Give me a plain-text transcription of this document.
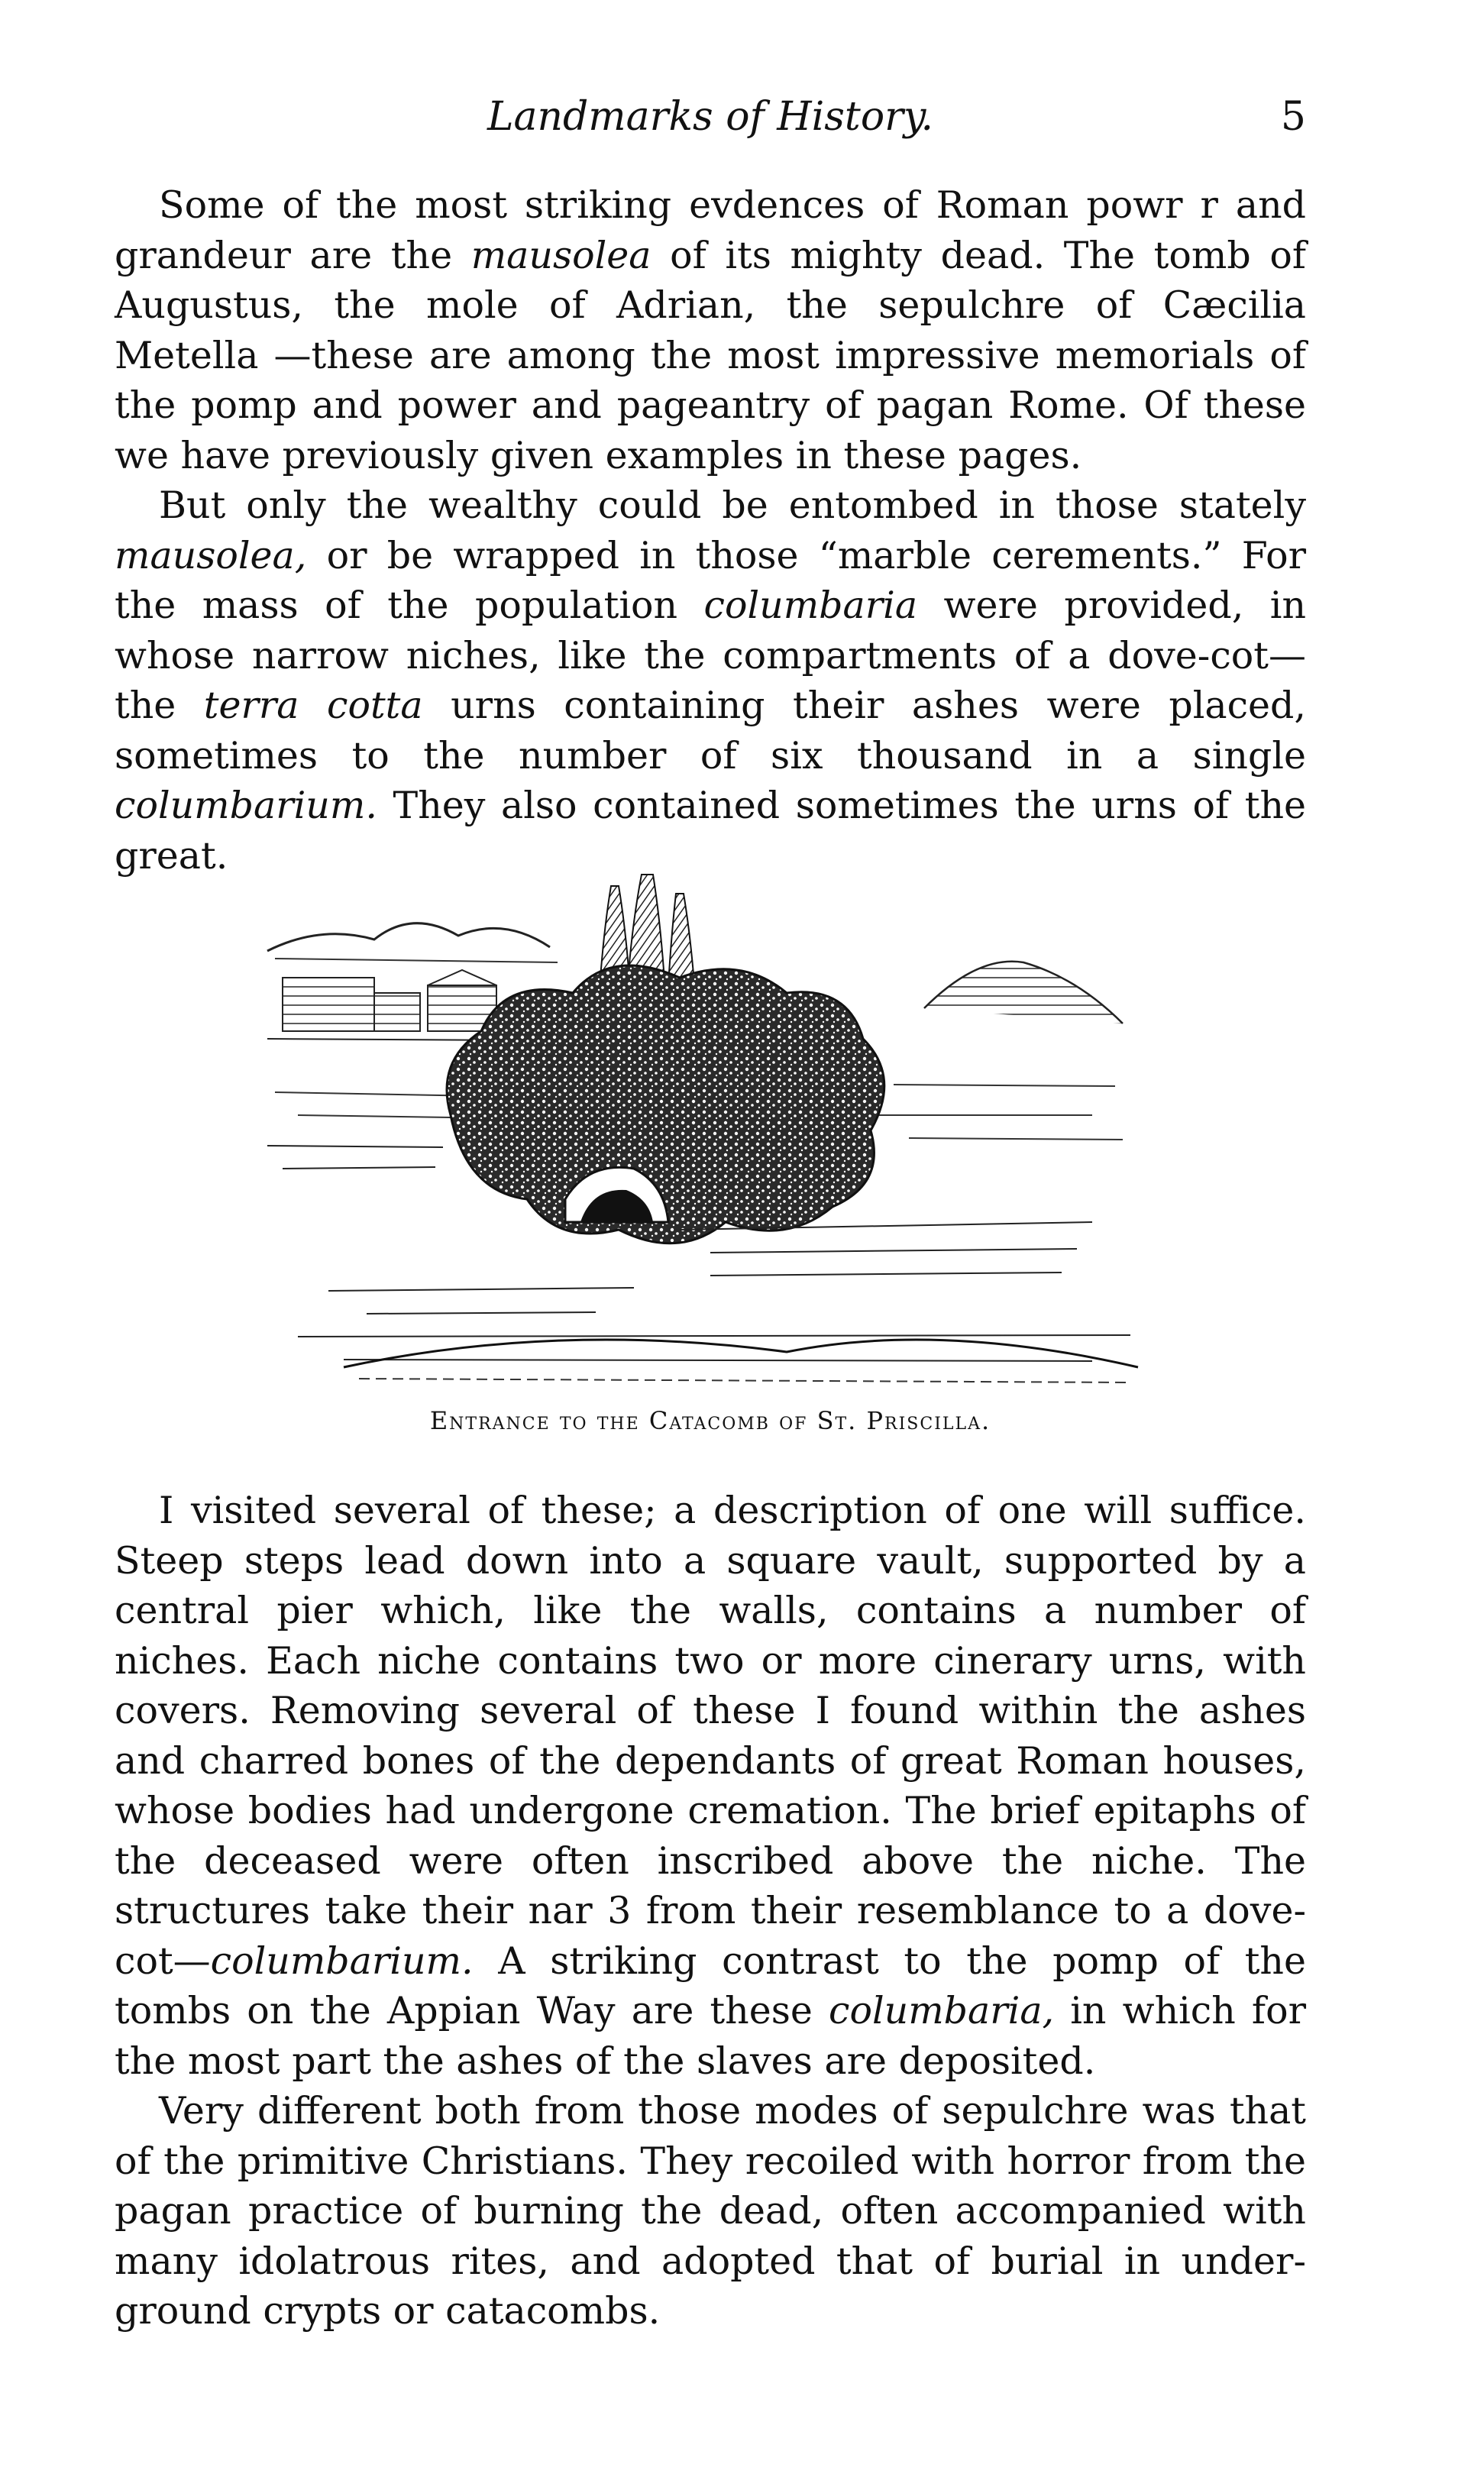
Landmarks of History.	5

Some of the most striking evdences of Roman powr r and grandeur are the mausolea of its mighty dead. The tomb of Augustus, the mole of Adrian, the sepulchre of Cæcilia Metella —these are among the most impressive memorials of the pomp and power and pageantry of pagan Rome. Of these we have previously given examples in these pages.

But only the wealthy could be entombed in those stately mausolea, or be wrapped in those “marble cerements.” For the mass of the population columbaria were provided, in whose narrow niches, like the compartments of a dove-cot—the terra cotta urns containing their ashes were placed, sometimes to the number of six thousand in a single columbarium. They also contained sometimes the urns of the great.

Entrance to the Catacomb of St. Priscilla.

I visited several of these; a description of one will suffice. Steep steps lead down into a square vault, supported by a central pier which, like the walls, contains a number of niches. Each niche contains two or more cinerary urns, with covers. Removing several of these I found within the ashes and charred bones of the dependants of great Roman houses, whose bodies had undergone cremation. The brief epitaphs of the deceased were often inscribed above the niche. The structures take their nar 3 from their resemblance to a dove-cot—columbarium. A striking contrast to the pomp of the tombs on the Appian Way are these columbaria, in which for the most part the ashes of the slaves are deposited.

Very different both from those modes of sepulchre was that of the primitive Christians. They recoiled with horror from the pagan practice of burning the dead, often accompanied with many idolatrous rites, and adopted that of burial in underground crypts or catacombs.
